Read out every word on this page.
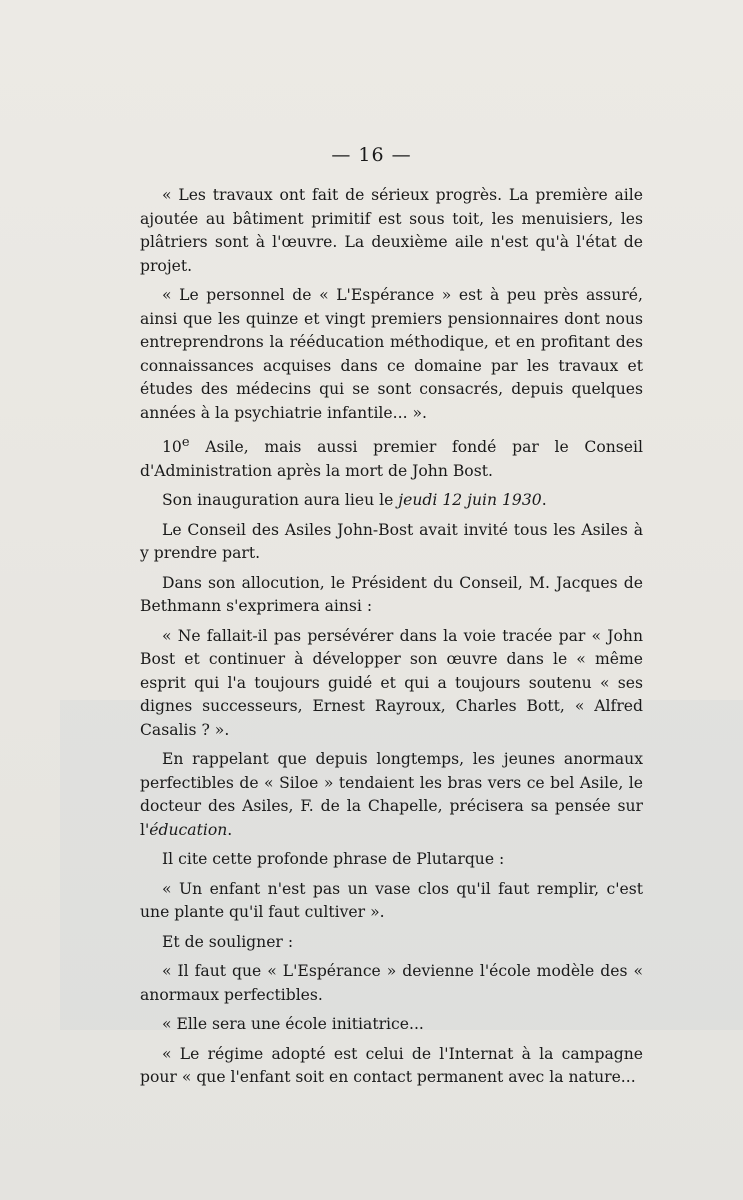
— 16 —

« Les travaux ont fait de sérieux progrès. La première aile ajoutée au bâtiment primitif est sous toit, les menuisiers, les plâtriers sont à l'œuvre. La deuxième aile n'est qu'à l'état de projet.

« Le personnel de « L'Espérance » est à peu près assuré, ainsi que les quinze et vingt premiers pensionnaires dont nous entreprendrons la rééducation méthodique, et en profitant des connaissances acquises dans ce domaine par les travaux et études des médecins qui se sont consacrés, depuis quelques années à la psychiatrie infantile... ».

10e Asile, mais aussi premier fondé par le Conseil d'Administration après la mort de John Bost.

Son inauguration aura lieu le jeudi 12 juin 1930.

Le Conseil des Asiles John-Bost avait invité tous les Asiles à y prendre part.

Dans son allocution, le Président du Conseil, M. Jacques de Bethmann s'exprimera ainsi :

« Ne fallait-il pas persévérer dans la voie tracée par « John Bost et continuer à développer son œuvre dans le « même esprit qui l'a toujours guidé et qui a toujours soutenu « ses dignes successeurs, Ernest Rayroux, Charles Bott, « Alfred Casalis ? ».

En rappelant que depuis longtemps, les jeunes anormaux perfectibles de « Siloe » tendaient les bras vers ce bel Asile, le docteur des Asiles, F. de la Chapelle, précisera sa pensée sur l'éducation.

Il cite cette profonde phrase de Plutarque :

« Un enfant n'est pas un vase clos qu'il faut remplir, c'est une plante qu'il faut cultiver ».

Et de souligner :

« Il faut que « L'Espérance » devienne l'école modèle des « anormaux perfectibles.

« Elle sera une école initiatrice...

« Le régime adopté est celui de l'Internat à la campagne pour « que l'enfant soit en contact permanent avec la nature...
